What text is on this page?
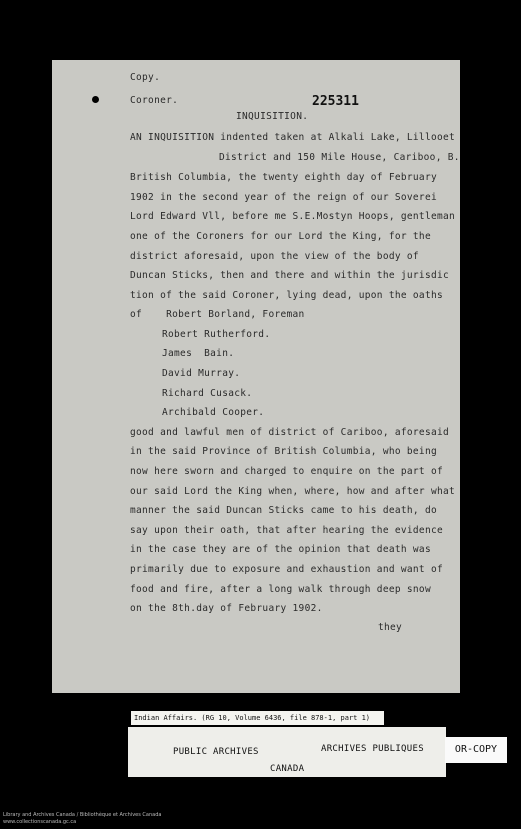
Copy.
Coroner.
INQUISITION.
225311
AN INQUISITION indented taken at Alkali Lake, Lillooet
District and 150 Mile House, Cariboo, B.
British Columbia, the twenty eighth day of February
1902 in the second year of the reign of our Soverei
Lord Edward Vll, before me S.E.Mostyn Hoops, gentleman
one of the Coroners for our Lord the King, for the
district aforesaid, upon the view of the body of
Duncan Sticks, then and there and within the jurisdic
tion of the said Coroner, lying dead, upon the oaths
of    Robert Borland, Foreman
Robert Rutherford.
James  Bain.
David Murray.
Richard Cusack.
Archibald Cooper.
good and lawful men of district of Cariboo, aforesaid
in the said Province of British Columbia, who being
now here sworn and charged to enquire on the part of
our said Lord the King when, where, how and after what
manner the said Duncan Sticks came to his death, do
say upon their oath, that after hearing the evidence
in the case they are of the opinion that death was
primarily due to exposure and exhaustion and want of
food and fire, after a long walk through deep snow
on the 8th.day of February 1902.
they
Indian Affairs. (RG 10, Volume 6436, file 878-1, part 1)
PUBLIC ARCHIVES	ARCHIVES PUBLIQUES
CANADA
OR-COPY
Library and Archives Canada / Bibliothèque et Archives Canada
www.collectionscanada.gc.ca
